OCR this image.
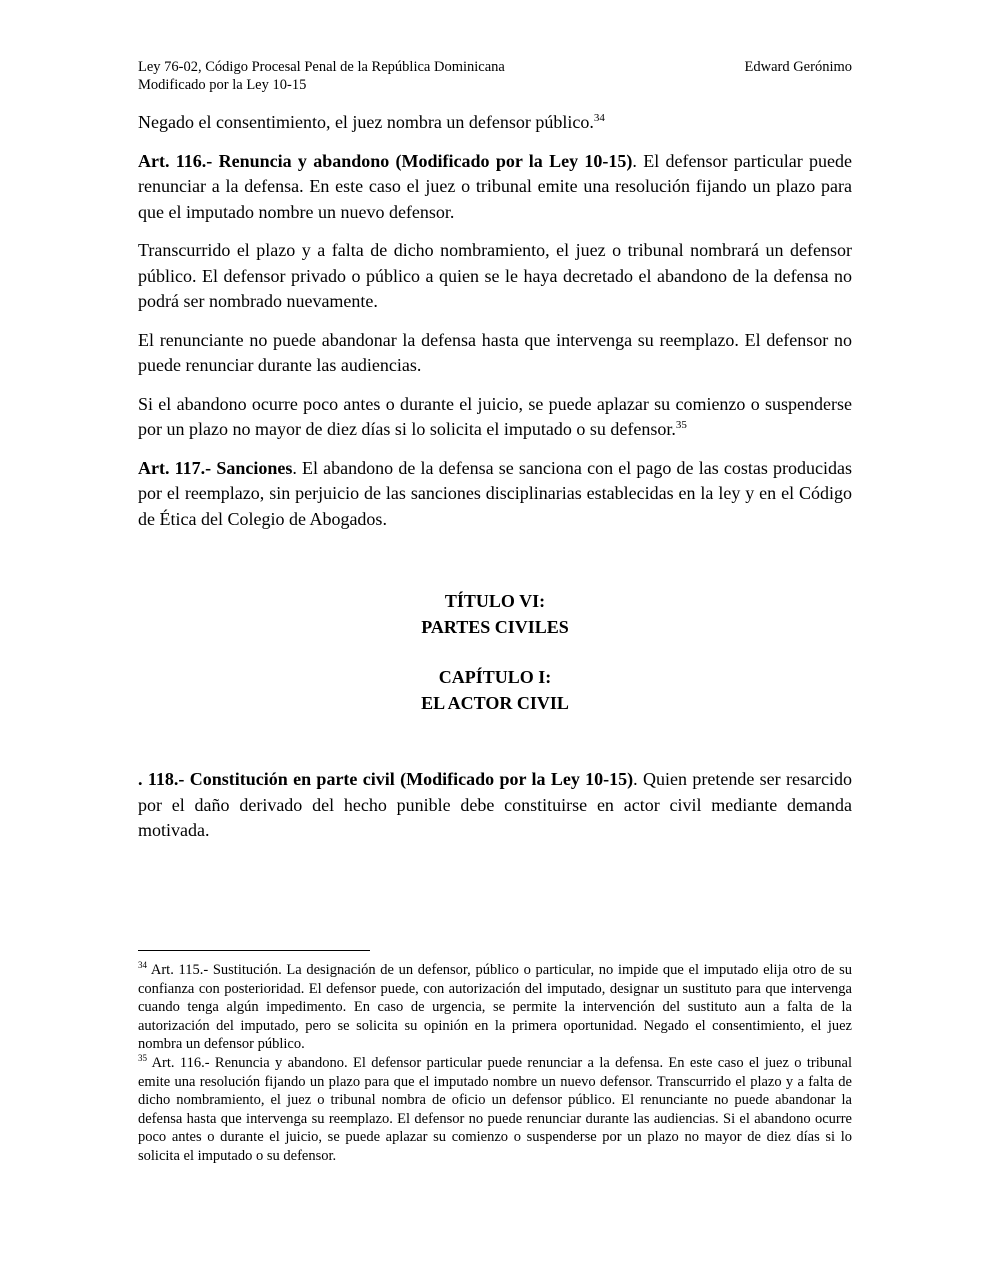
Ley 76-02, Código Procesal Penal de la República Dominicana
Modificado por la Ley 10-15
Edward Gerónimo

Negado el consentimiento, el juez nombra un defensor público.$^{34}$

Art. 116.- Renuncia y abandono (Modificado por la Ley 10-15). El defensor particular puede renunciar a la defensa. En este caso el juez o tribunal emite una resolución fijando un plazo para que el imputado nombre un nuevo defensor.

Transcurrido el plazo y a falta de dicho nombramiento, el juez o tribunal nombrará un defensor público. El defensor privado o público a quien se le haya decretado el abandono de la defensa no podrá ser nombrado nuevamente.

El renunciante no puede abandonar la defensa hasta que intervenga su reemplazo. El defensor no puede renunciar durante las audiencias.

Si el abandono ocurre poco antes o durante el juicio, se puede aplazar su comienzo o suspenderse por un plazo no mayor de diez días si lo solicita el imputado o su defensor.$^{35}$

Art. 117.- Sanciones. El abandono de la defensa se sanciona con el pago de las costas producidas por el reemplazo, sin perjuicio de las sanciones disciplinarias establecidas en la ley y en el Código de Ética del Colegio de Abogados.

TÍTULO VI:
PARTES CIVILES
CAPÍTULO I:
EL ACTOR CIVIL

. 118.- Constitución en parte civil (Modificado por la Ley 10-15). Quien pretende ser resarcido por el daño derivado del hecho punible debe constituirse en actor civil mediante demanda motivada.

$^{34}$ Art. 115.- Sustitución. La designación de un defensor, público o particular, no impide que el imputado elija otro de su confianza con posterioridad. El defensor puede, con autorización del imputado, designar un sustituto para que intervenga cuando tenga algún impedimento. En caso de urgencia, se permite la intervención del sustituto aun a falta de la autorización del imputado, pero se solicita su opinión en la primera oportunidad. Negado el consentimiento, el juez nombra un defensor público.

$^{35}$ Art. 116.- Renuncia y abandono. El defensor particular puede renunciar a la defensa. En este caso el juez o tribunal emite una resolución fijando un plazo para que el imputado nombre un nuevo defensor. Transcurrido el plazo y a falta de dicho nombramiento, el juez o tribunal nombra de oficio un defensor público. El renunciante no puede abandonar la defensa hasta que intervenga su reemplazo. El defensor no puede renunciar durante las audiencias. Si el abandono ocurre poco antes o durante el juicio, se puede aplazar su comienzo o suspenderse por un plazo no mayor de diez días si lo solicita el imputado o su defensor.
